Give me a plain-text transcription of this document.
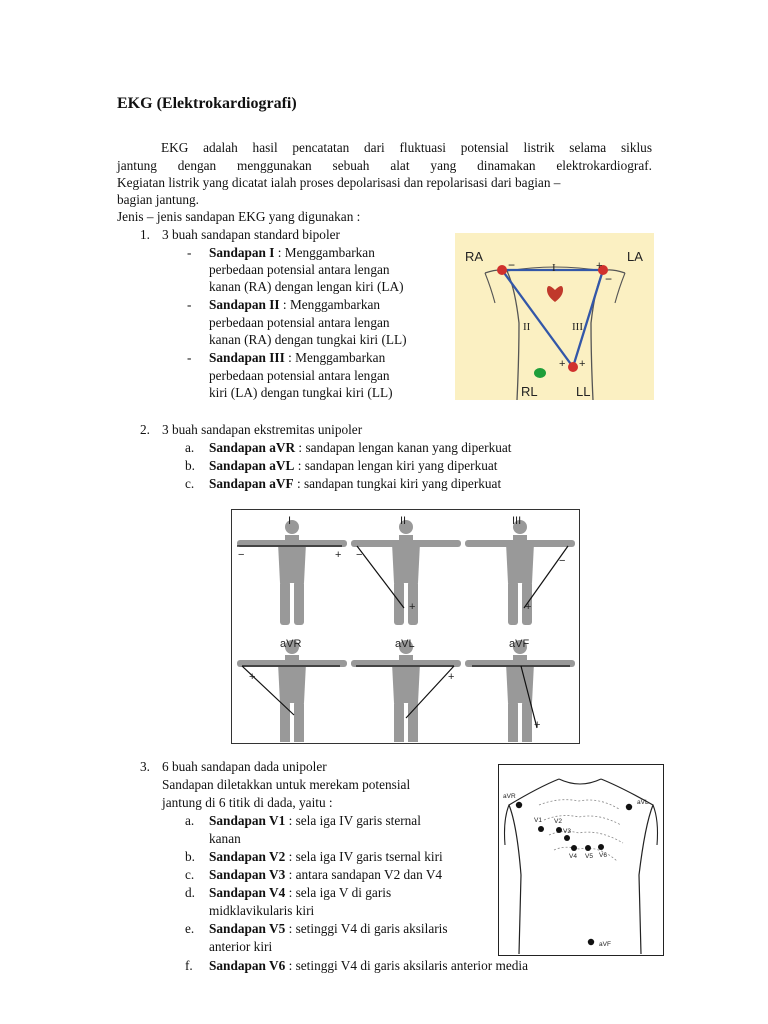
EKG (Elektrokardiografi)
EKG adalah hasil pencatatan dari fluktuasi potensial listrik selama siklus
jantung dengan menggunakan sebuah alat yang dinamakan elektrokardiograf.
Kegiatan listrik yang dicatat ialah proses depolarisasi dan repolarisasi dari bagian –
bagian jantung.
Jenis – jenis sandapan EKG yang digunakan :
1. 3 buah sandapan standard bipoler
- Sandapan I : Menggambarkan
perbedaan potensial antara lengan
kanan (RA) dengan lengan kiri (LA)
- Sandapan II : Menggambarkan
perbedaan potensial antara lengan
kanan (RA) dengan tungkai kiri (LL)
- Sandapan III : Menggambarkan
perbedaan potensial antara lengan
kiri (LA) dengan tungkai kiri (LL)
RA	LA
RL	LL
I
II	III
−	+
−
+ +
2. 3 buah sandapan ekstremitas unipoler
a. Sandapan aVR : sandapan lengan kanan yang diperkuat
b. Sandapan aVL : sandapan lengan kiri yang diperkuat
c. Sandapan aVF : sandapan tungkai kiri yang diperkuat
I	II	III
aVR	aVL	aVF
−	+ −
+
−
+
+	+
+
3. 6 buah sandapan dada unipoler
Sandapan diletakkan untuk merekam potensial
jantung di 6 titik di dada, yaitu :
a. Sandapan V1 : sela iga IV garis sternal
kanan
b. Sandapan V2 : sela iga IV garis tsernal kiri
c. Sandapan V3 : antara sandapan V2 dan V4
d. Sandapan V4 : sela iga V di garis
midklavikularis kiri
e. Sandapan V5 : setinggi V4 di garis aksilaris
anterior kiri
f. Sandapan V6 : setinggi V4 di garis aksilaris anterior media
aVR
aVL
aVF
V1 V2
V3
V4 V5 V6
